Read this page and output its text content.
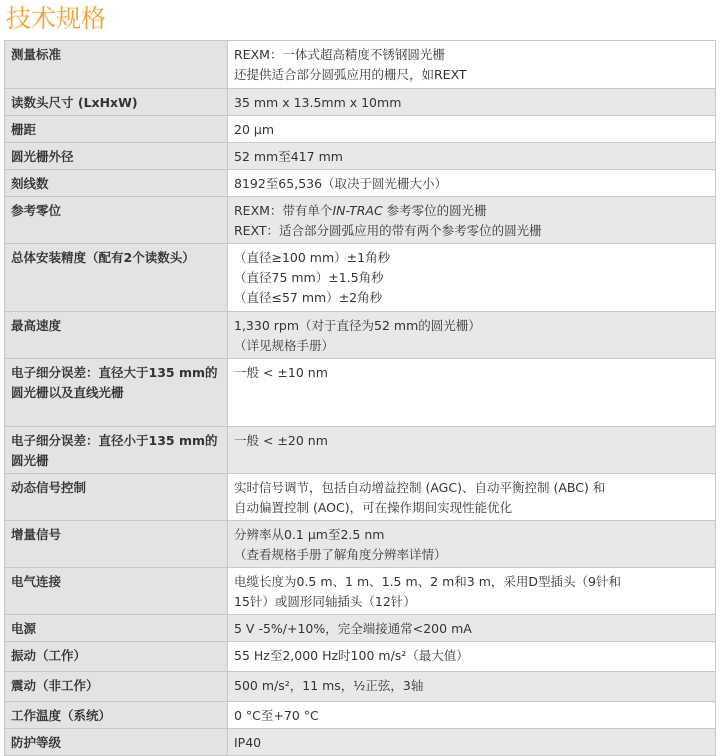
技术规格
测量标准	REXM：一体式超高精度不锈钢圆光栅
还提供适合部分圆弧应用的栅尺，如REXT

读数头尺寸 (LxHxW)	35 mm x 13.5mm x 10mm

栅距	20 µm

圆光栅外径	52 mm至417 mm

刻线数	8192至65,536（取决于圆光栅大小）

参考零位	REXM：带有单个IN-TRAC 参考零位的圆光栅
REXT：适合部分圆弧应用的带有两个参考零位的圆光栅

总体安装精度（配有2个读数头）	（直径≥100 mm）±1角秒
（直径75 mm）±1.5角秒
（直径≤57 mm）±2角秒

最高速度	1,330 rpm（对于直径为52 mm的圆光栅）
（详见规格手册）

电子细分误差：直径大于135 mm的圆光栅以及直线光栅	一般 < ±10 nm

电子细分误差：直径小于135 mm的圆光栅	一般 < ±20 nm

动态信号控制	实时信号调节，包括自动增益控制 (AGC)、自动平衡控制 (ABC) 和
自动偏置控制 (AOC)，可在操作期间实现性能优化

增量信号	分辨率从0.1 µm至2.5 nm
（查看规格手册了解角度分辨率详情）

电气连接	电缆长度为0.5 m、1 m、1.5 m、2 m和3 m，采用D型插头（9针和
15针）或圆形同轴插头（12针）

电源	5 V -5%/+10%，完全端接通常<200 mA

振动（工作）	55 Hz至2,000 Hz时100 m/s²（最大值）

震动（非工作）	500 m/s²，11 ms，½正弦，3轴

工作温度（系统）	0 °C至+70 °C

防护等级	IP40
